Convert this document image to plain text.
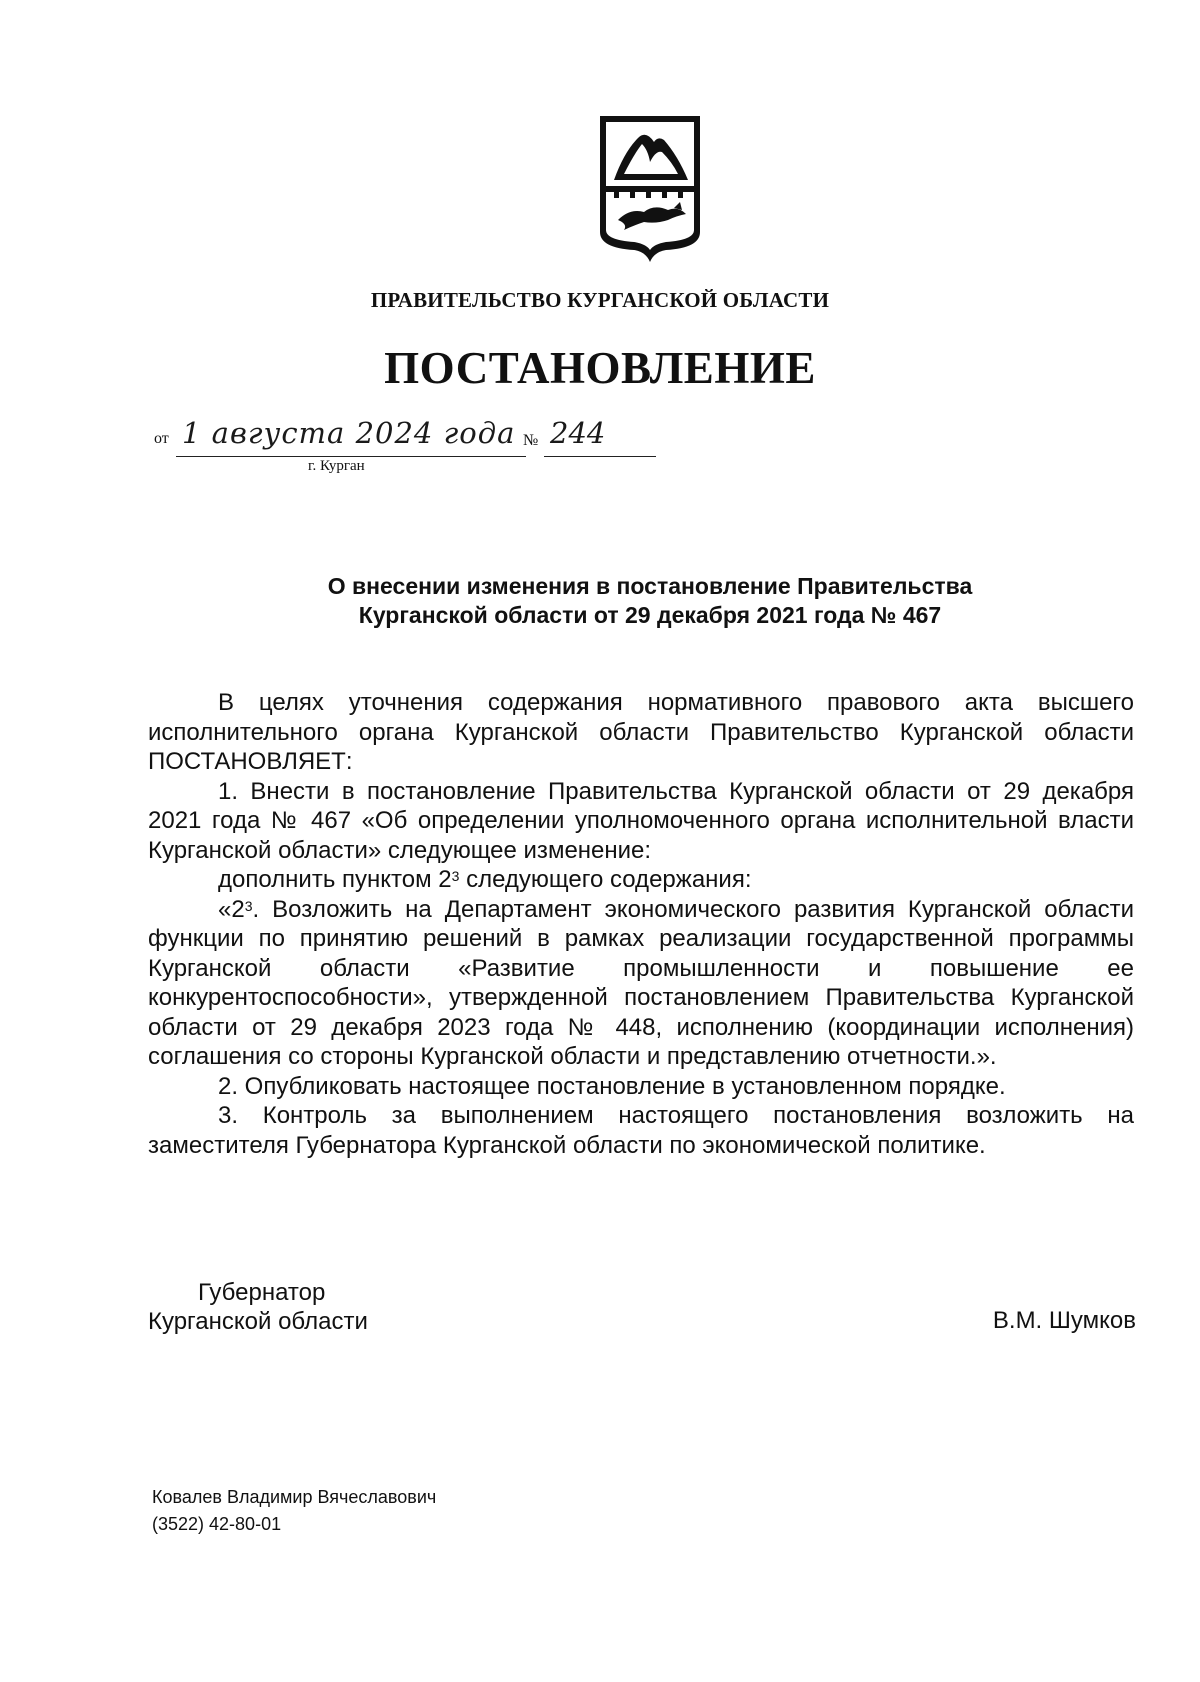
ПРАВИТЕЛЬСТВО КУРГАНСКОЙ ОБЛАСТИ
ПОСТАНОВЛЕНИЕ
от 1 августа 2024 года № 244
г. Курган
О внесении изменения в постановление Правительства
Курганской области от 29 декабря 2021 года № 467

В целях уточнения содержания нормативного правового акта высшего исполнительного органа Курганской области Правительство Курганской области ПОСТАНОВЛЯЕТ:

1. Внести в постановление Правительства Курганской области от 29 декабря 2021 года № 467 «Об определении уполномоченного органа исполнительной власти Курганской области» следующее изменение:

дополнить пунктом $2^3$ следующего содержания:

«$2^3$. Возложить на Департамент экономического развития Курганской области функции по принятию решений в рамках реализации государственной программы Курганской области «Развитие промышленности и повышение ее конкурентоспособности», утвержденной постановлением Правительства Курганской области от 29 декабря 2023 года № 448, исполнению (координации исполнения) соглашения со стороны Курганской области и представлению отчетности.».

2. Опубликовать настоящее постановление в установленном порядке.

3. Контроль за выполнением настоящего постановления возложить на заместителя Губернатора Курганской области по экономической политике.

Губернатор
Курганской области	В.М. Шумков
Ковалев Владимир Вячеславович
(3522) 42-80-01
